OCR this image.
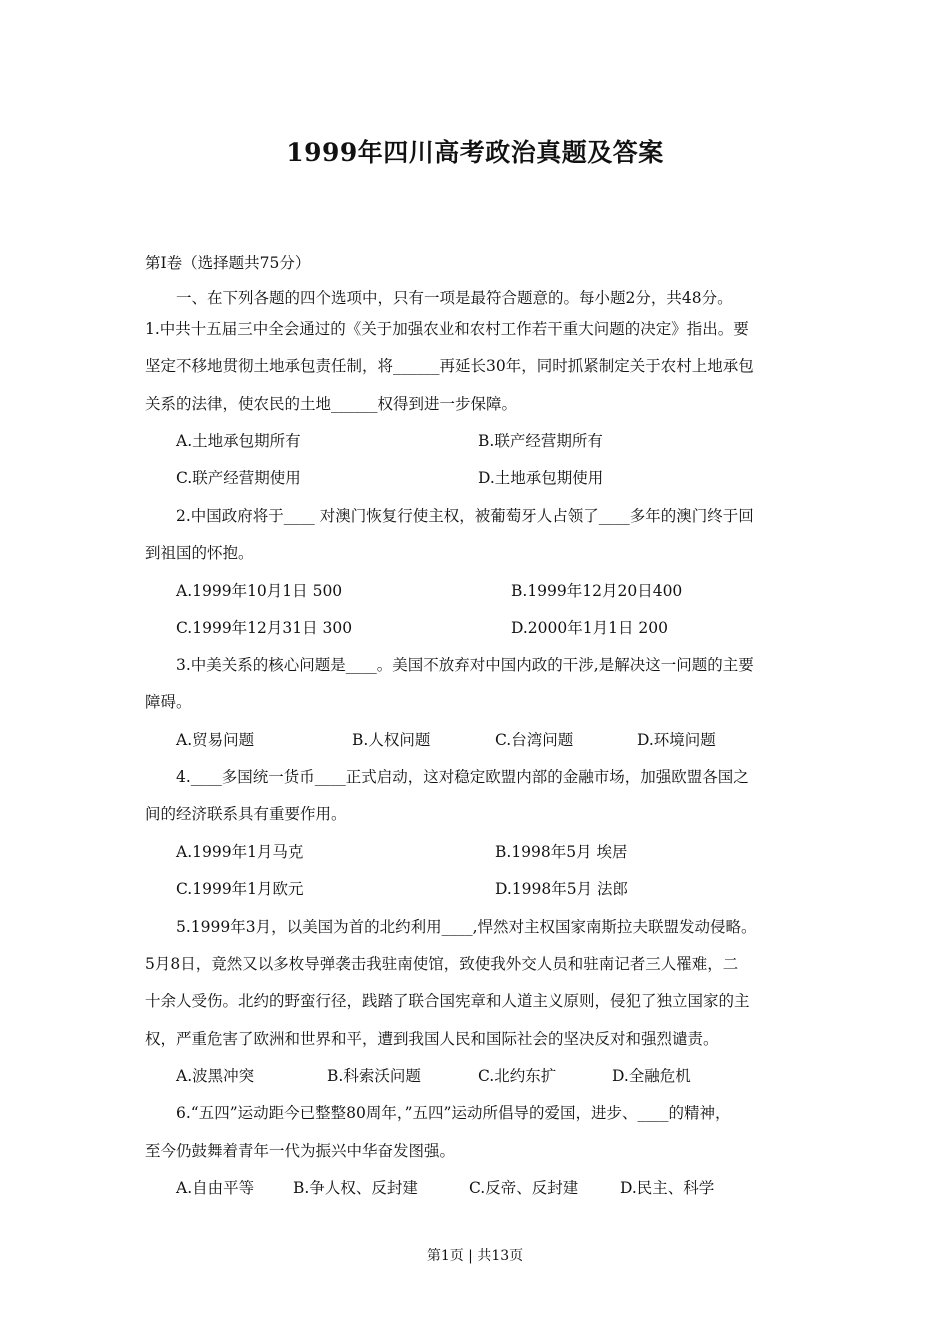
1999年四川高考政治真题及答案
第Ⅰ卷（选择题共75分）
一、在下列各题的四个选项中，只有一项是最符合题意的。每小题2分，共48分。
1.中共十五届三中全会通过的《关于加强农业和农村工作若干重大问题的决定》指出。要
坚定不移地贯彻土地承包责任制，将______再延长30年，同时抓紧制定关于农村上地承包
关系的法律，使农民的土地______权得到进一步保障。
A.土地承包期所有	B.联产经营期所有
C.联产经营期使用	D.土地承包期使用
2.中国政府将于____ 对澳门恢复行使主权，被葡萄牙人占领了____多年的澳门终于回
到祖国的怀抱。
A.1999年10月1日 500	B.1999年12月20日400
C.1999年12月31日 300	D.2000年1月1日 200
3.中美关系的核心问题是____。美国不放弃对中国内政的干涉,是解决这一问题的主要
障碍。
A.贸易问题	B.人权问题	C.台湾问题	D.环境问题
4.____多国统一货币____正式启动，这对稳定欧盟内部的金融市场，加强欧盟各国之
间的经济联系具有重要作用。
A.1999年1月马克	B.1998年5月 埃居
C.1999年1月欧元	D.1998年5月 法郎
5.1999年3月，以美国为首的北约利用____,悍然对主权国家南斯拉夫联盟发动侵略。
5月8日，竟然又以多枚导弹袭击我驻南使馆，致使我外交人员和驻南记者三人罹难，二
十余人受伤。北约的野蛮行径，践踏了联合国宪章和人道主义原则，侵犯了独立国家的主
权，严重危害了欧洲和世界和平，遭到我国人民和国际社会的坚决反对和强烈谴责。
A.波黑冲突	B.科索沃问题	C.北约东扩	D.全融危机
6.“五四”运动距今已整整80周年，”五四”运动所倡导的爱国，进步、____的精神，
至今仍鼓舞着青年一代为振兴中华奋发图强。
A.自由平等	B.争人权、反封建	C.反帝、反封建	D.民主、科学
第1页 | 共13页
